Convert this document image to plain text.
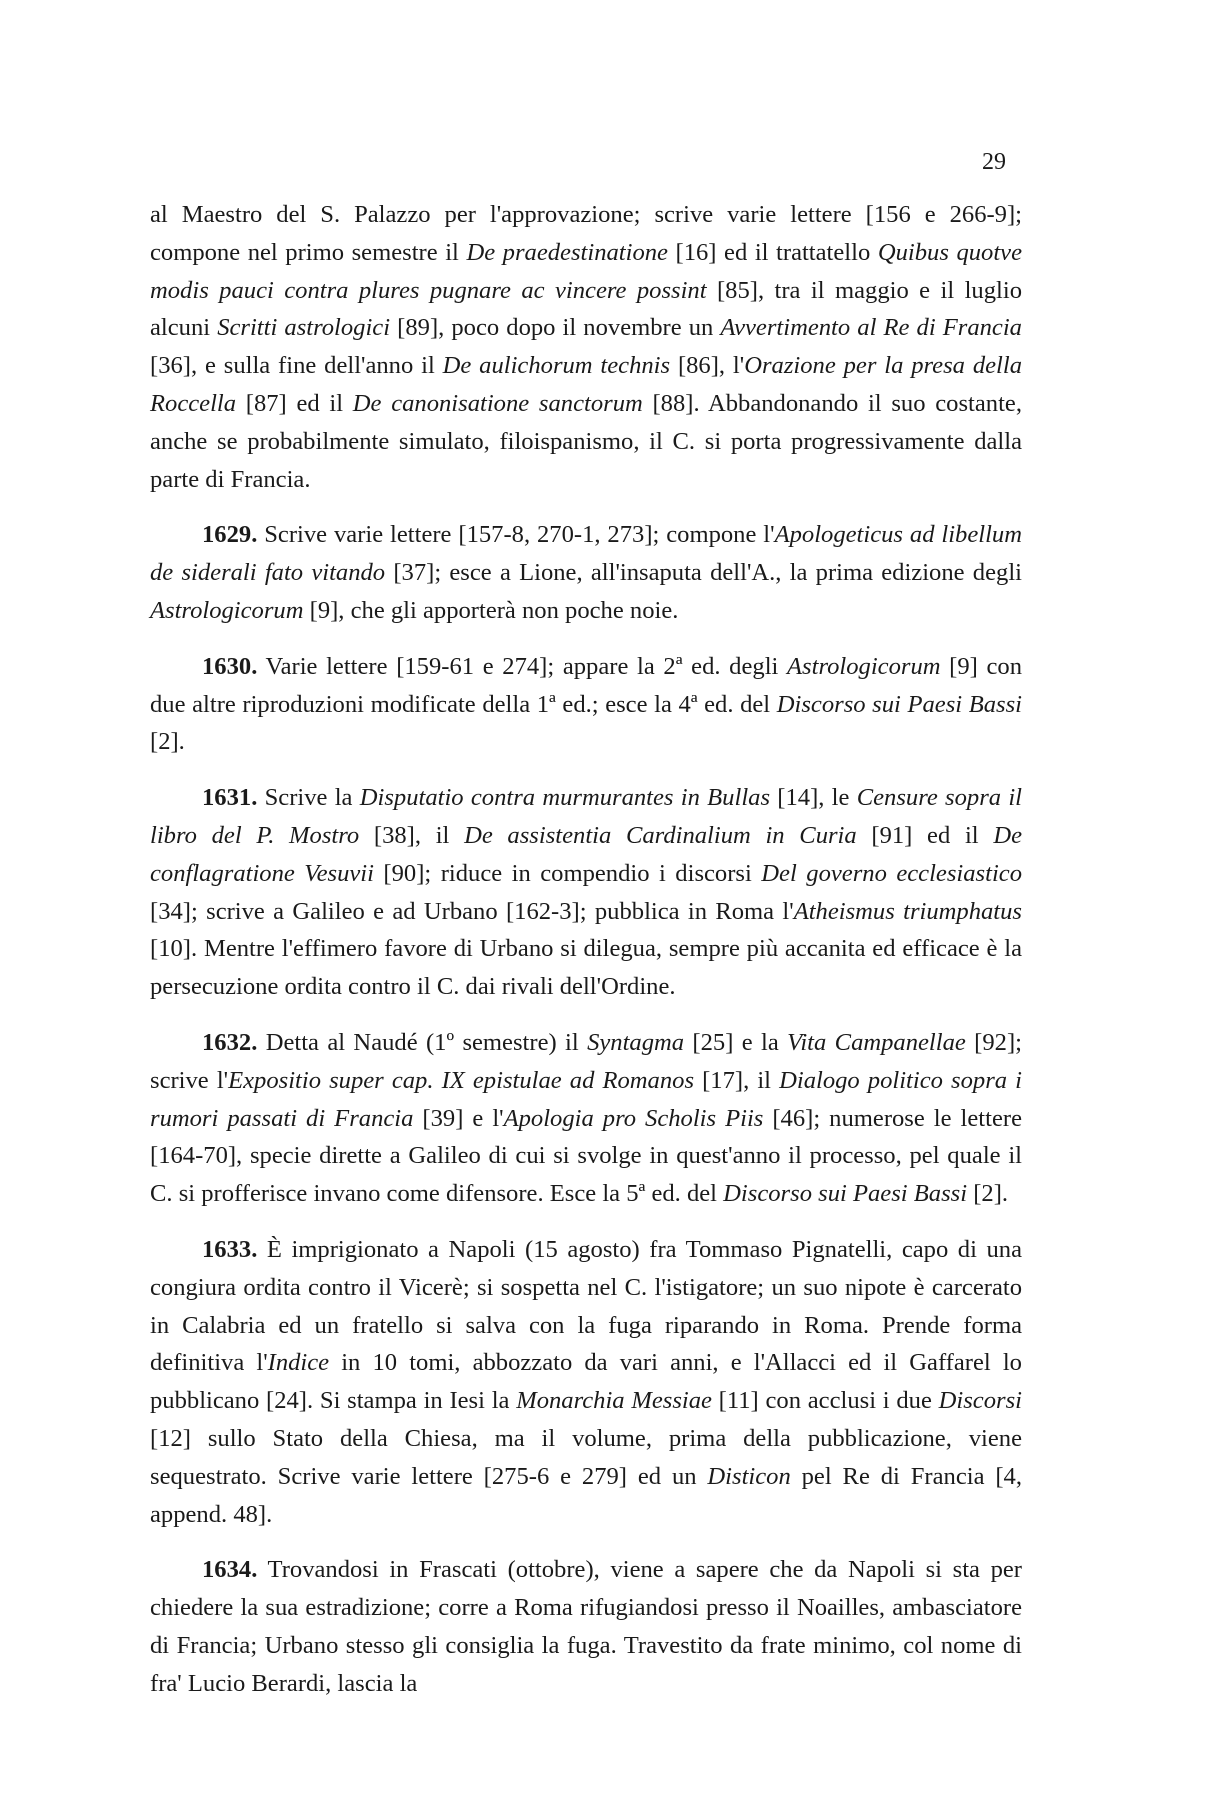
29

al Maestro del S. Palazzo per l'approvazione; scrive varie lettere [156 e 266-9]; compone nel primo semestre il De praedestinatione [16] ed il trattatello Quibus quotve modis pauci contra plures pugnare ac vincere possint [85], tra il maggio e il luglio alcuni Scritti astrologici [89], poco dopo il novembre un Avvertimento al Re di Francia [36], e sulla fine dell'anno il De aulichorum technis [86], l'Orazione per la presa della Roccella [87] ed il De canonisatione sanctorum [88]. Abbandonando il suo costante, anche se probabilmente simulato, filoispanismo, il C. si porta progressivamente dalla parte di Francia.

1629. Scrive varie lettere [157-8, 270-1, 273]; compone l'Apologeticus ad libellum de siderali fato vitando [37]; esce a Lione, all'insaputa dell'A., la prima edizione degli Astrologicorum [9], che gli apporterà non poche noie.

1630. Varie lettere [159-61 e 274]; appare la 2ª ed. degli Astrologicorum [9] con due altre riproduzioni modificate della 1ª ed.; esce la 4ª ed. del Discorso sui Paesi Bassi [2].

1631. Scrive la Disputatio contra murmurantes in Bullas [14], le Censure sopra il libro del P. Mostro [38], il De assistentia Cardinalium in Curia [91] ed il De conflagratione Vesuvii [90]; riduce in compendio i discorsi Del governo ecclesiastico [34]; scrive a Galileo e ad Urbano [162-3]; pubblica in Roma l'Atheismus triumphatus [10]. Mentre l'effimero favore di Urbano si dilegua, sempre più accanita ed efficace è la persecuzione ordita contro il C. dai rivali dell'Ordine.

1632. Detta al Naudé (1º semestre) il Syntagma [25] e la Vita Campanellae [92]; scrive l'Expositio super cap. IX epistulae ad Romanos [17], il Dialogo politico sopra i rumori passati di Francia [39] e l'Apologia pro Scholis Piis [46]; numerose le lettere [164-70], specie dirette a Galileo di cui si svolge in quest'anno il processo, pel quale il C. si profferisce invano come difensore. Esce la 5ª ed. del Discorso sui Paesi Bassi [2].

1633. È imprigionato a Napoli (15 agosto) fra Tommaso Pignatelli, capo di una congiura ordita contro il Vicerè; si sospetta nel C. l'istigatore; un suo nipote è carcerato in Calabria ed un fratello si salva con la fuga riparando in Roma. Prende forma definitiva l'Indice in 10 tomi, abbozzato da vari anni, e l'Allacci ed il Gaffarel lo pubblicano [24]. Si stampa in Iesi la Monarchia Messiae [11] con acclusi i due Discorsi [12] sullo Stato della Chiesa, ma il volume, prima della pubblicazione, viene sequestrato. Scrive varie lettere [275-6 e 279] ed un Disticon pel Re di Francia [4, append. 48].

1634. Trovandosi in Frascati (ottobre), viene a sapere che da Napoli si sta per chiedere la sua estradizione; corre a Roma rifugiandosi presso il Noailles, ambasciatore di Francia; Urbano stesso gli consiglia la fuga. Travestito da frate minimo, col nome di fra' Lucio Berardi, lascia la
